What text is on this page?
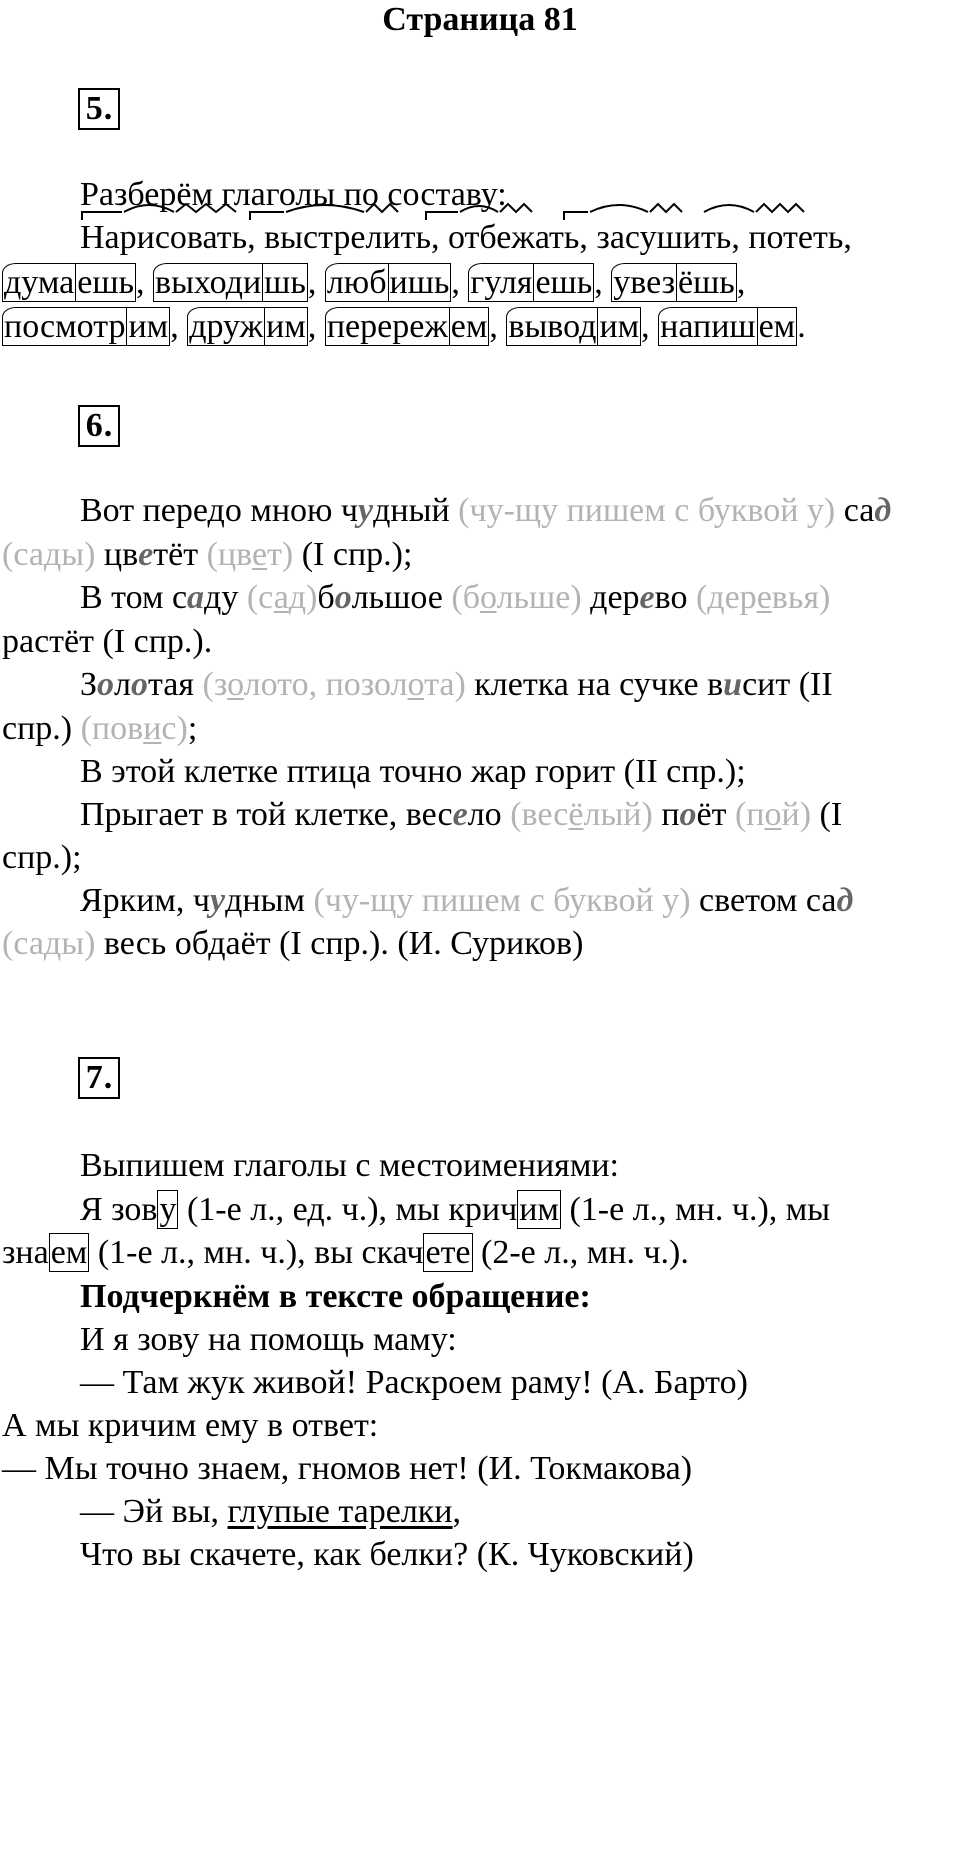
Страница 81
5 .
Разберём глаголы по составу:
Нарисовать, выстрелить, отбежать, засушить, потеть,
думаешь, выходишь, любишь, гуляешь, увезёшь,
посмотрим, дружим, перережем, выводим, напишем.
6 .
Вот передо мною чудный (чу-щу пишем с буквой у) сад
(сады) цветёт (цвет) (I спр.);
В том саду (сад)большое (больше) дерево (деревья)
растёт (I спр.).
Золотая (золото, позолота) клетка на сучке висит (II
спр.) (повис);
В этой клетке птица точно жар горит (II спр.);
Прыгает в той клетке, весело (весёлый) поёт (пой) (I
спр.);
Ярким, чудным (чу-щу пишем с буквой у) светом сад
(сады) весь обдаёт (I спр.). (И. Суриков)
7 .
Выпишем глаголы с местоимениями:
Я зову (1-е л., ед. ч.), мы кричим (1-е л., мн. ч.), мы
знаем (1-е л., мн. ч.), вы скачете (2-е л., мн. ч.).
Подчеркнём в тексте обращение:
И я зову на помощь маму:
— Там жук живой! Раскроем раму! (А. Барто)
А мы кричим ему в ответ:
— Мы точно знаем, гномов нет! (И. Токмакова)
— Эй вы, глупые тарелки,
Что вы скачете, как белки? (К. Чуковский)
